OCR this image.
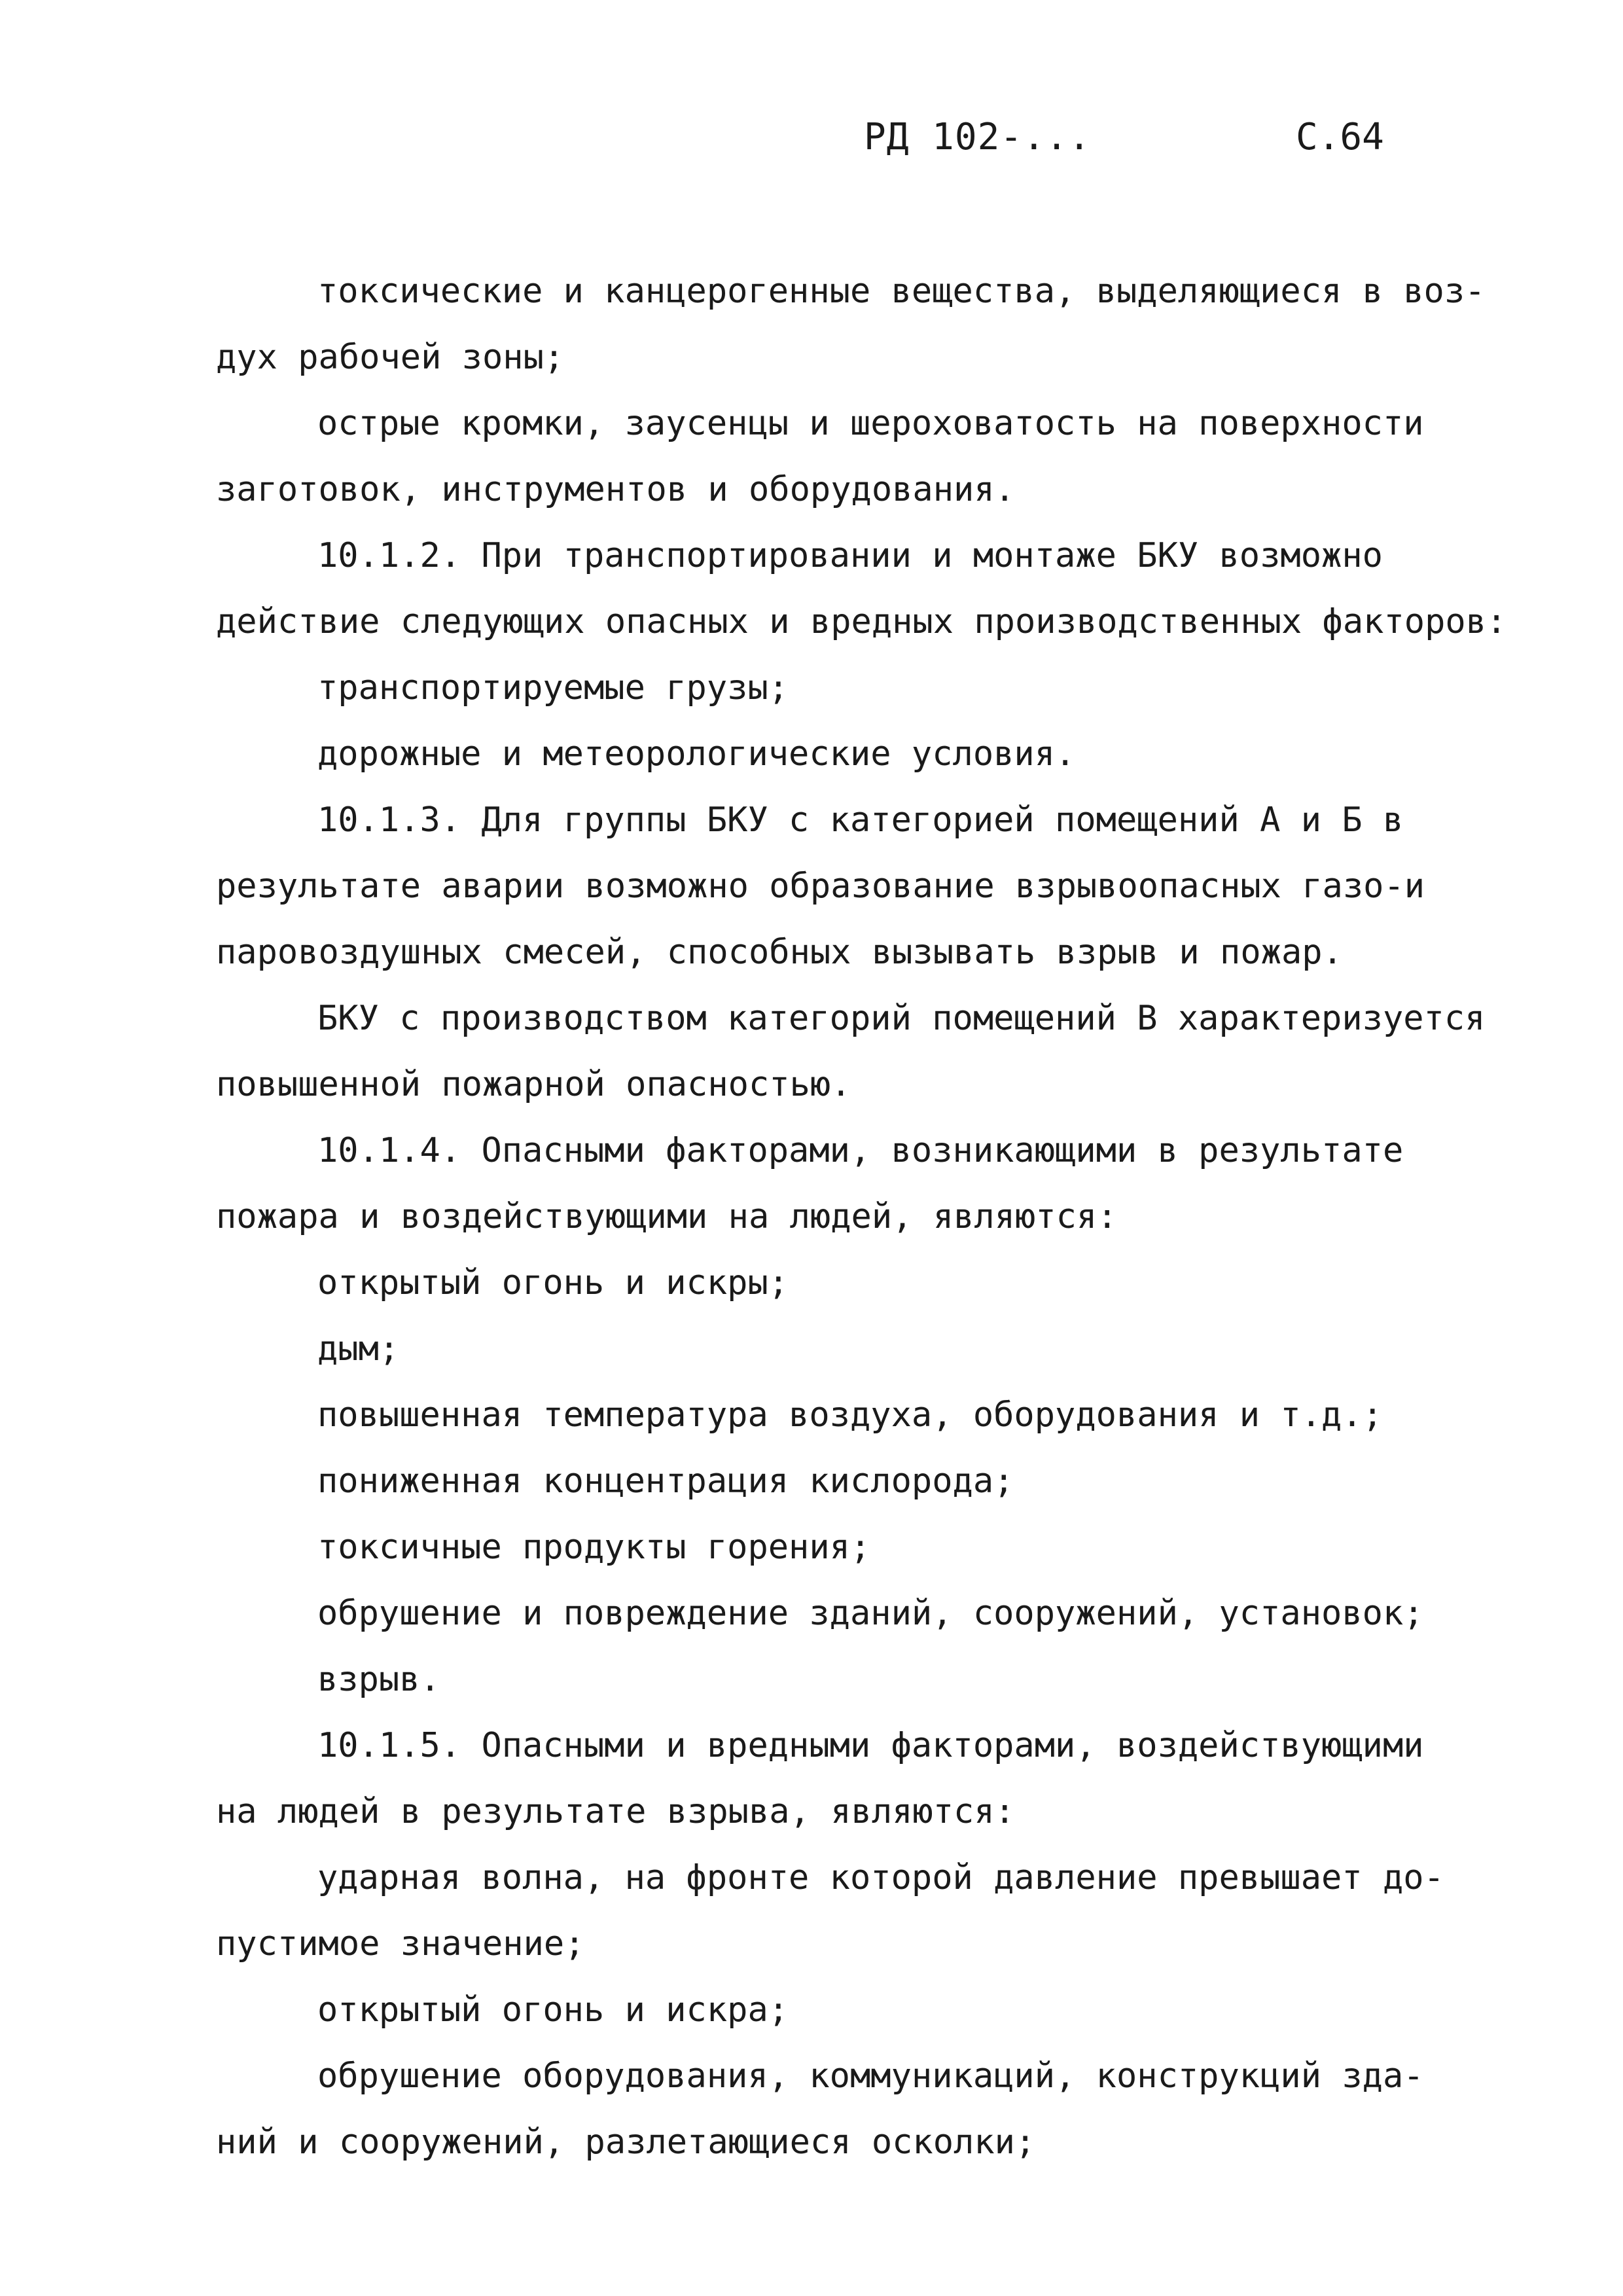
РД 102-...	С.64
токсические и канцерогенные вещества, выделяющиеся в воз-
дух рабочей зоны;
острые кромки, заусенцы и шероховатость на поверхности
заготовок, инструментов и оборудования.
10.1.2. При транспортировании и монтаже БКУ возможно
действие следующих опасных и вредных производственных факторов:
транспортируемые грузы;
дорожные и метеорологические условия.
10.1.3. Для группы БКУ с категорией помещений А и Б в
результате аварии возможно образование взрывоопасных газо-и
паровоздушных смесей, способных вызывать взрыв и пожар.
БКУ с производством категорий помещений В характеризуется
повышенной пожарной опасностью.
10.1.4. Опасными факторами, возникающими в результате
пожара и воздействующими на людей, являются:
открытый огонь и искры;
дым;
повышенная температура воздуха, оборудования и т.д.;
пониженная концентрация кислорода;
токсичные продукты горения;
обрушение и повреждение зданий, сооружений, установок;
взрыв.
10.1.5. Опасными и вредными факторами, воздействующими
на людей в результате взрыва, являются:
ударная волна, на фронте которой давление превышает до-
пустимое значение;
открытый огонь и искра;
обрушение оборудования, коммуникаций, конструкций зда-
ний и сооружений, разлетающиеся осколки;
